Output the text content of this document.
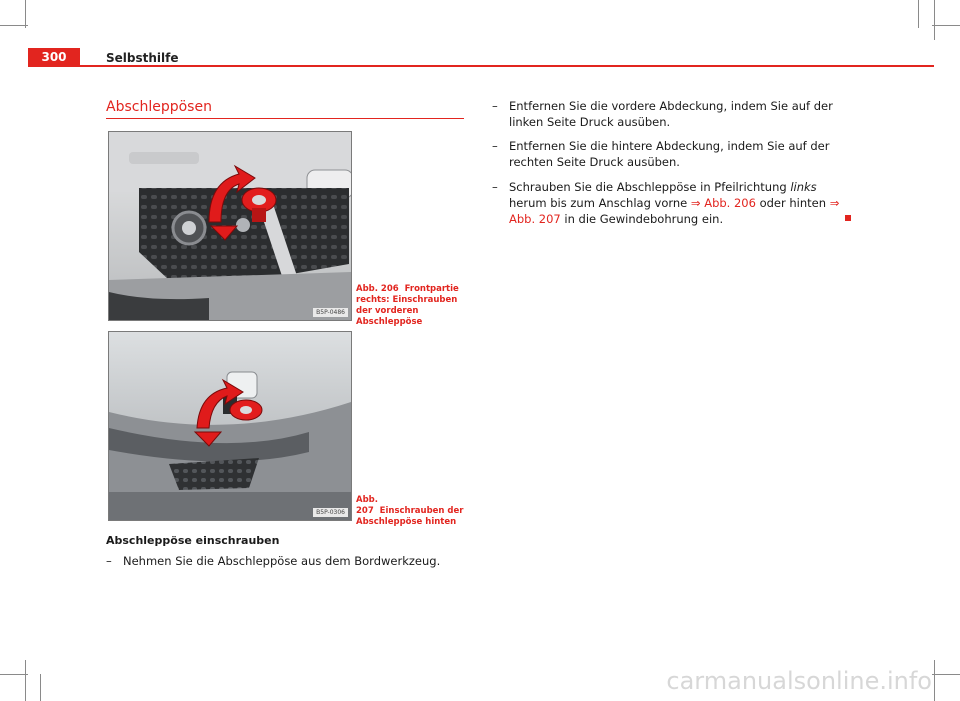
300	Selbsthilfe
Abschleppösen
B5P-0486
Abb. 206 Frontpartie rechts: Einschrauben der vorderen Abschleppöse
B5P-0306
Abb. 207 Einschrauben der Abschleppöse hinten
Abschleppöse einschrauben
– Nehmen Sie die Abschleppöse aus dem Bordwerkzeug.
– Entfernen Sie die vordere Abdeckung, indem Sie auf der linken Seite Druck ausüben.
– Entfernen Sie die hintere Abdeckung, indem Sie auf der rechten Seite Druck ausüben.
– Schrauben Sie die Abschleppöse in Pfeilrichtung links herum bis zum Anschlag vorne ⇒ Abb. 206 oder hinten ⇒ Abb. 207 in die Gewindebohrung ein.
carmanualsonline.info
